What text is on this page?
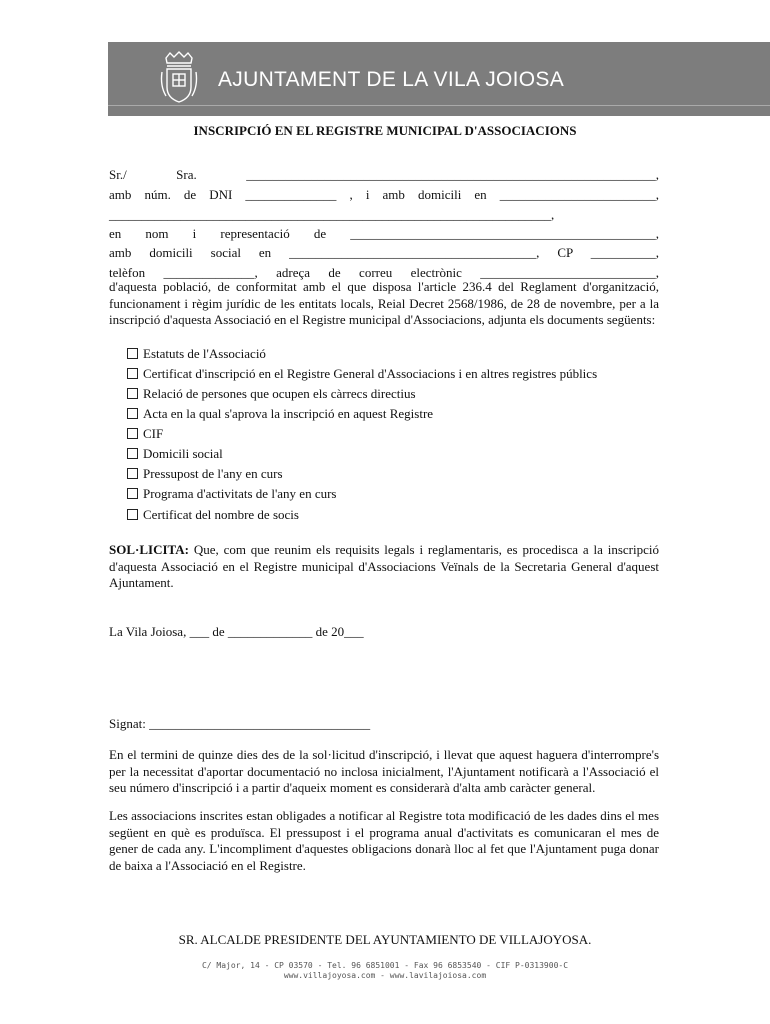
AJUNTAMENT DE LA VILA JOIOSA
INSCRIPCIÓ EN EL REGISTRE MUNICIPAL D'ASSOCIACIONS
Sr./ Sra. _______________________________________________________________,
amb núm. de DNI ______________ , i amb domicili en ________________________,
____________________________________________________________________,
en nom i representació de _______________________________________________,
amb domicili social en ______________________________________, CP __________,
telèfon ______________, adreça de correu electrònic ___________________________,
d'aquesta població, de conformitat amb el que disposa l'article 236.4 del Reglament d'organització, funcionament i règim jurídic de les entitats locals, Reial Decret 2568/1986, de 28 de novembre, per a la inscripció d'aquesta Associació en el Registre municipal d'Associacions, adjunta els documents següents:
Estatuts de l'Associació
Certificat d'inscripció en el Registre General d'Associacions i en altres registres públics
Relació de persones que ocupen els càrrecs directius
Acta en la qual s'aprova la inscripció en aquest Registre
CIF
Domicili social
Pressupost de l'any en curs
Programa d'activitats de l'any en curs
Certificat del nombre de socis
SOL·LICITA: Que, com que reunim els requisits legals i reglamentaris, es procedisca a la inscripció d'aquesta Associació en el Registre municipal d'Associacions Veïnals de la Secretaria General d'aquest Ajuntament.
La Vila Joiosa, ___ de _____________ de 20___
Signat: __________________________________
En el termini de quinze dies des de la sol·licitud d'inscripció, i llevat que aquest haguera d'interrompre's per la necessitat d'aportar documentació no inclosa inicialment, l'Ajuntament notificarà a l'Associació el seu número d'inscripció i a partir d'aqueix moment es considerarà d'alta amb caràcter general.
Les associacions inscrites estan obligades a notificar al Registre tota modificació de les dades dins el mes següent en què es produïsca. El pressupost i el programa anual d'activitats es comunicaran el mes de gener de cada any. L'incompliment d'aquestes obligacions donarà lloc al fet que l'Ajuntament puga donar de baixa a l'Associació en el Registre.
SR. ALCALDE PRESIDENTE DEL AYUNTAMIENTO DE VILLAJOYOSA.
C/ Major, 14 - CP 03570 - Tel. 96 6851001 - Fax 96 6853540 - CIF P-0313900-C
www.villajoyosa.com - www.lavilajoiosa.com
